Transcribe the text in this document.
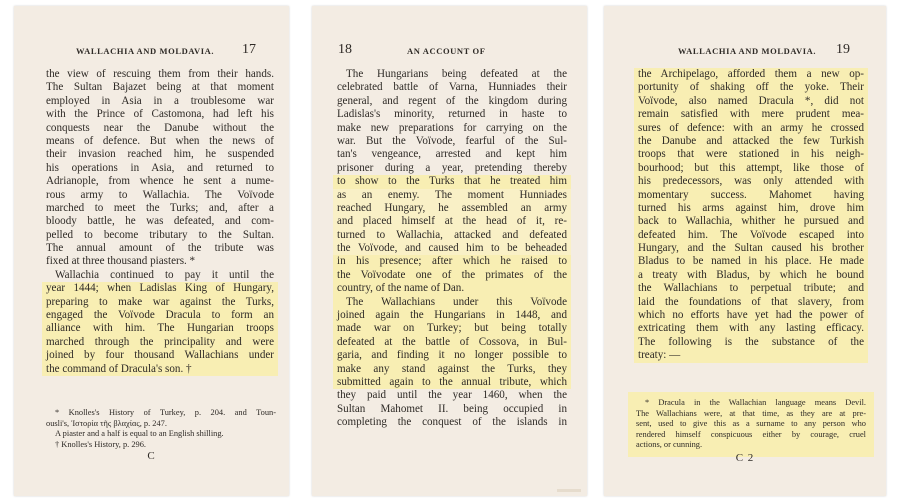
WALLACHIA AND MOLDAVIA. 17
the view of rescuing them from their hands.
The Sultan Bajazet being at that moment
employed in Asia in a troublesome war
with the Prince of Castomona, had left his
conquests near the Danube without the
means of defence. But when the news of
their invasion reached him, he suspended
his operations in Asia, and returned to
Adrianople, from whence he sent a nume-
rous army to Wallachia. The Voïvode
marched to meet the Turks; and, after a
bloody battle, he was defeated, and com-
pelled to become tributary to the Sultan.
The annual amount of the tribute was
fixed at three thousand piasters. *
Wallachia continued to pay it until the
year 1444; when Ladislas King of Hungary,
preparing to make war against the Turks,
engaged the Voïvode Dracula to form an
alliance with him. The Hungarian troops
marched through the principality and were
joined by four thousand Wallachians under
the command of Dracula's son. †
* Knolles's History of Turkey, p. 204. and Toun-
ousli's, Ἱστορία τῆς βλαχίας, p. 247.
A piaster and a half is equal to an English shilling.
† Knolles's History, p. 296.
C
18	AN ACCOUNT OF
The Hungarians being defeated at the
celebrated battle of Varna, Hunniades their
general, and regent of the kingdom during
Ladislas's minority, returned in haste to
make new preparations for carrying on the
war. But the Voïvode, fearful of the Sul-
tan's vengeance, arrested and kept him
prisoner during a year, pretending thereby
to show to the Turks that he treated him
as an enemy. The moment Hunniades
reached Hungary, he assembled an army
and placed himself at the head of it, re-
turned to Wallachia, attacked and defeated
the Voïvode, and caused him to be beheaded
in his presence; after which he raised to
the Voïvodate one of the primates of the
country, of the name of Dan.
The Wallachians under this Voïvode
joined again the Hungarians in 1448, and
made war on Turkey; but being totally
defeated at the battle of Cossova, in Bul-
garia, and finding it no longer possible to
make any stand against the Turks, they
submitted again to the annual tribute, which
they paid until the year 1460, when the
Sultan Mahomet II. being occupied in
completing the conquest of the islands in
WALLACHIA AND MOLDAVIA. 19
the Archipelago, afforded them a new op-
portunity of shaking off the yoke. Their
Voïvode, also named Dracula *, did not
remain satisfied with mere prudent mea-
sures of defence: with an army he crossed
the Danube and attacked the few Turkish
troops that were stationed in his neigh-
bourhood; but this attempt, like those of
his predecessors, was only attended with
momentary success. Mahomet having
turned his arms against him, drove him
back to Wallachia, whither he pursued and
defeated him. The Voïvode escaped into
Hungary, and the Sultan caused his brother
Bladus to be named in his place. He made
a treaty with Bladus, by which he bound
the Wallachians to perpetual tribute; and
laid the foundations of that slavery, from
which no efforts have yet had the power of
extricating them with any lasting efficacy.
The following is the substance of the
treaty: —
* Dracula in the Wallachian language means Devil.
The Wallachians were, at that time, as they are at pre-
sent, used to give this as a surname to any person who
rendered himself conspicuous either by courage, cruel
actions, or cunning.
C 2
